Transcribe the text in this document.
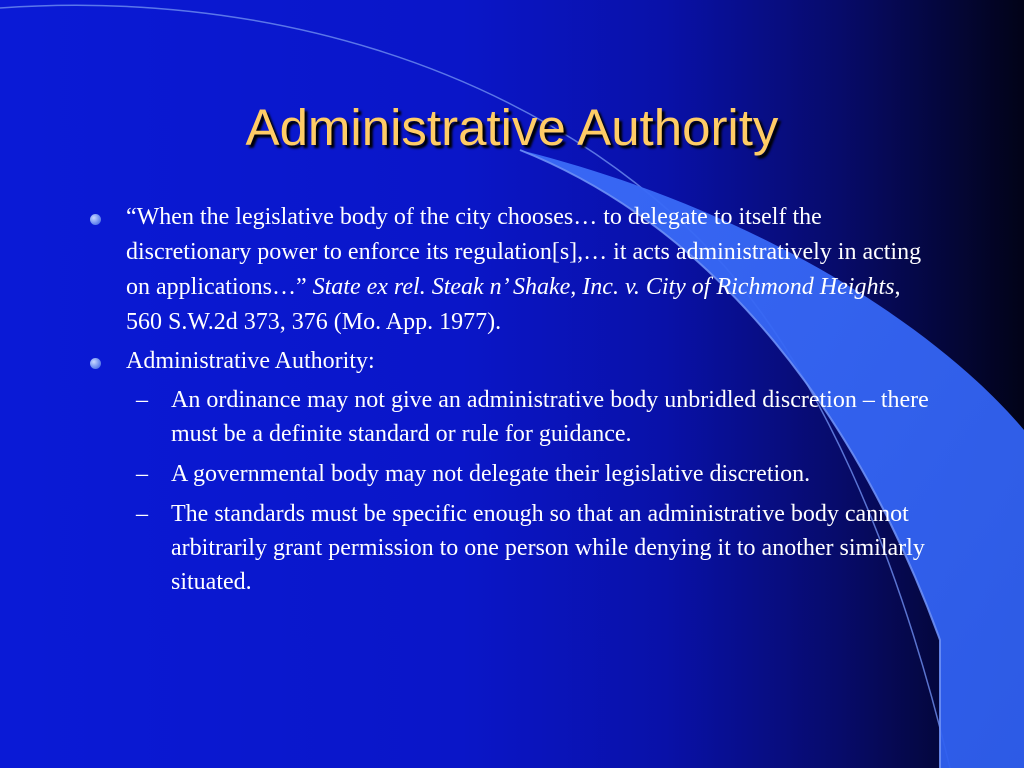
Administrative Authority
“When the legislative body of the city chooses… to delegate to itself the discretionary power to enforce its regulation[s],… it acts administratively in acting on applications…” State ex rel. Steak n’ Shake, Inc. v. City of Richmond Heights, 560 S.W.2d 373, 376 (Mo. App. 1977).
Administrative Authority:
– An ordinance may not give an administrative body unbridled discretion – there must be a definite standard or rule for guidance.
– A governmental body may not delegate their legislative discretion.
– The standards must be specific enough so that an administrative body cannot arbitrarily grant permission to one person while denying it to another similarly situated.
